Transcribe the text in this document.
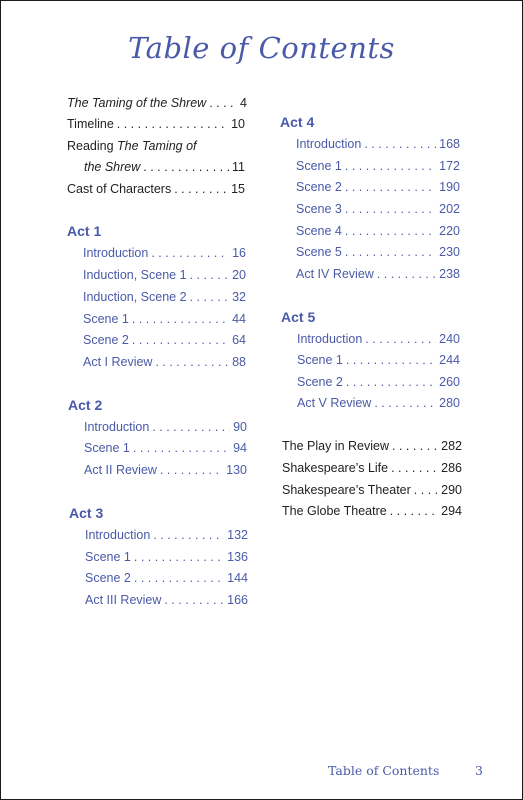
Table of Contents
The Taming of the Shrew . . .	4
Timeline . . .	10
Reading The Taming of
the Shrew . . .	11
Cast of Characters . . .	15
Act 1
Introduction . . .	16
Induction, Scene 1 . . .	20
Induction, Scene 2 . . .	32
Scene 1 . . .	44
Scene 2 . . .	64
Act I Review . . .	88
Act 2
Introduction . . .	90
Scene 1 . . .	94
Act II Review . . .	130
Act 3
Introduction . . .	132
Scene 1 . . .	136
Scene 2 . . .	144
Act III Review . . .	166
Act 4
Introduction . . .	168
Scene 1 . . .	172
Scene 2 . . .	190
Scene 3 . . .	202
Scene 4 . . .	220
Scene 5 . . .	230
Act IV Review . . .	238
Act 5
Introduction . . .	240
Scene 1 . . .	244
Scene 2 . . .	260
Act V Review . . .	280
The Play in Review . . .	282
Shakespeare’s Life . . .	286
Shakespeare’s Theater . . . 290
The Globe Theatre . . .	294
Table of Contents	3
